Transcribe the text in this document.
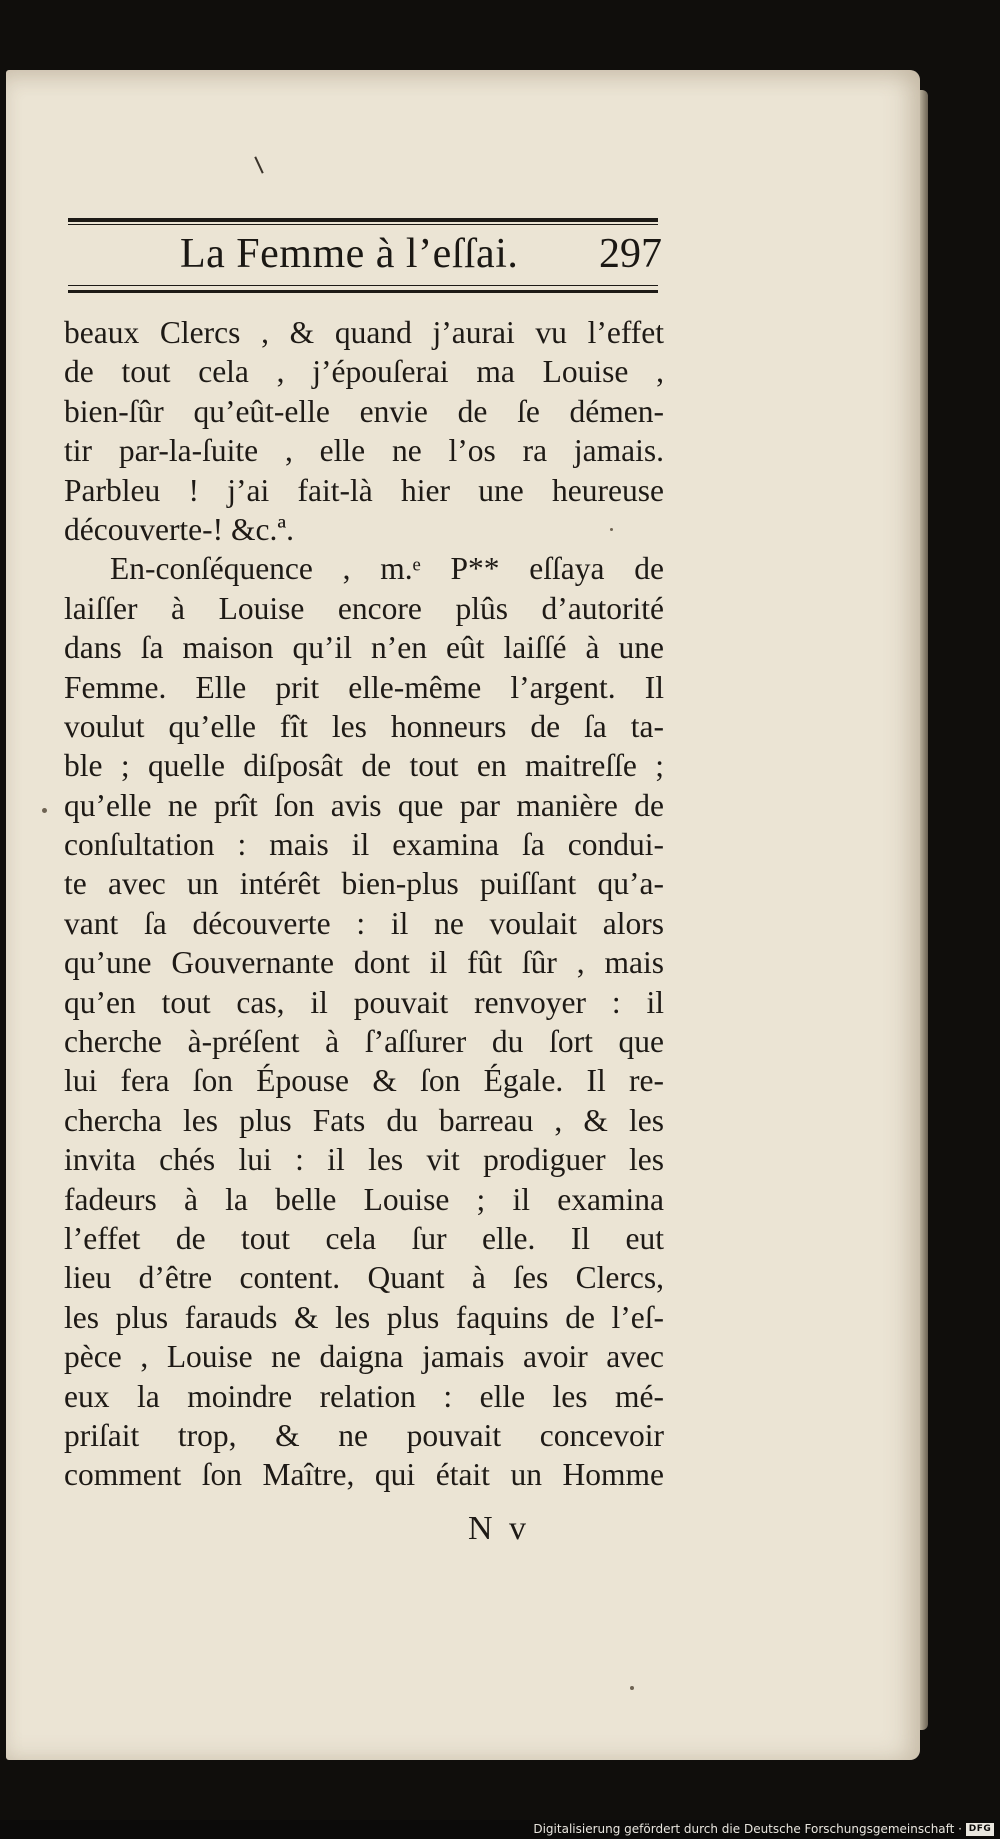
La Femme à l’eſſai. 297
beaux Clercs , & quand j’aurai vu l’effet
de tout cela , j’épouſerai ma Louise ,
bien-ſûr qu’eût-elle envie de ſe démen-
tir par-la-ſuite , elle ne l’os ra jamais.
Parbleu ! j’ai fait-là hier une heureuse
découverte-! &c.ª.
En-conſéquence , m.ᵉ P** eſſaya de
laiſſer à Louise encore plûs d’autorité
dans ſa maison qu’il n’en eût laiſſé à une
Femme. Elle prit elle-même l’argent. Il
voulut qu’elle fît les honneurs de ſa ta-
ble ; quelle diſposât de tout en maitreſſe ;
qu’elle ne prît ſon avis que par manière de
conſultation : mais il examina ſa condui-
te avec un intérêt bien-plus puiſſant qu’a-
vant ſa découverte : il ne voulait alors
qu’une Gouvernante dont il fût ſûr , mais
qu’en tout cas, il pouvait renvoyer : il
cherche à-préſent à ſ’aſſurer du ſort que
lui fera ſon Épouse & ſon Égale. Il re-
chercha les plus Fats du barreau , & les
invita chés lui : il les vit prodiguer les
fadeurs à la belle Louise ; il examina
l’effet de tout cela ſur elle. Il eut
lieu d’être content. Quant à ſes Clercs,
les plus farauds & les plus faquins de l’eſ-
pèce , Louise ne daigna jamais avoir avec
eux la moindre relation : elle les mé-
priſait trop, & ne pouvait concevoir
comment ſon Maître, qui était un Homme
N v
Digitalisierung gefördert durch die Deutsche Forschungsgemeinschaft · DFG
